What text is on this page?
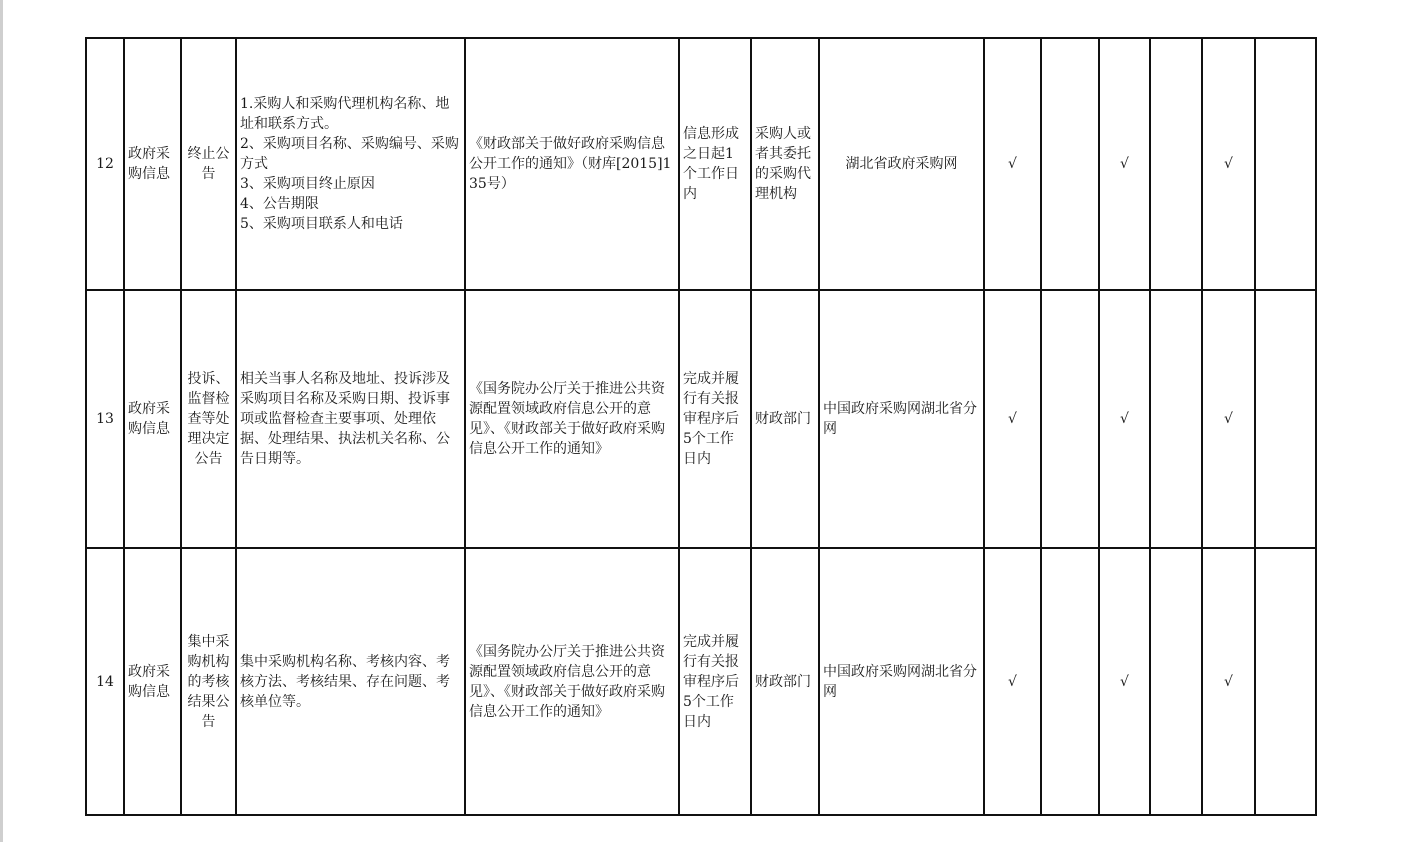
12	政府采购信息	终止公告	1.采购人和采购代理机构名称、地址和联系方式。
2、采购项目名称、采购编号、采购方式
3、采购项目终止原因
4、公告期限
5、采购项目联系人和电话	《财政部关于做好政府采购信息公开工作的通知》（财库[2015]135号）	信息形成之日起1个工作日内	采购人或者其委托的采购代理机构	湖北省政府采购网	√		√		√	
13	政府采购信息	投诉、监督检查等处理决定公告	相关当事人名称及地址、投诉涉及采购项目名称及采购日期、投诉事项或监督检查主要事项、处理依据、处理结果、执法机关名称、公告日期等。	《国务院办公厅关于推进公共资源配置领域政府信息公开的意见》、《财政部关于做好政府采购信息公开工作的通知》	完成并履行有关报审程序后5个工作日内	财政部门	中国政府采购网湖北省分网	√		√		√	
14	政府采购信息	集中采购机构的考核结果公告	集中采购机构名称、考核内容、考核方法、考核结果、存在问题、考核单位等。	《国务院办公厅关于推进公共资源配置领域政府信息公开的意见》、《财政部关于做好政府采购信息公开工作的通知》	完成并履行有关报审程序后5个工作日内	财政部门	中国政府采购网湖北省分网	√		√		√	
